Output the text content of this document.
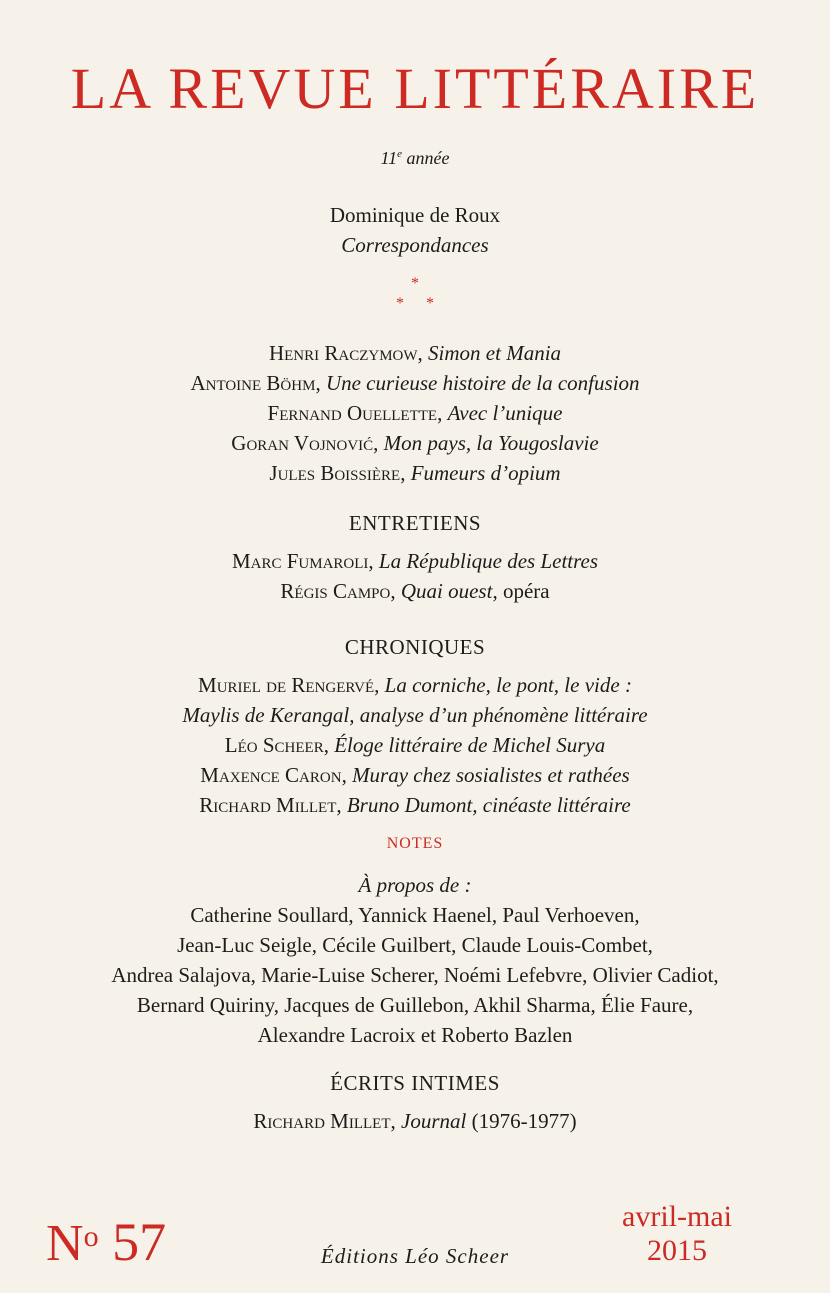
LA REVUE LITTÉRAIRE
11e année
Dominique de Roux
Correspondances
*
* *
Henri Raczymow, Simon et Mania
Antoine Böhm, Une curieuse histoire de la confusion
Fernand Ouellette, Avec l’unique
Goran Vojnović, Mon pays, la Yougoslavie
Jules Boissière, Fumeurs d’opium
ENTRETIENS
Marc Fumaroli, La République des Lettres
Régis Campo, Quai ouest, opéra
CHRONIQUES
Muriel de Rengervé, La corniche, le pont, le vide :
Maylis de Kerangal, analyse d’un phénomène littéraire
Léo Scheer, Éloge littéraire de Michel Surya
Maxence Caron, Muray chez sosialistes et rathées
Richard Millet, Bruno Dumont, cinéaste littéraire
NOTES
À propos de :
Catherine Soullard, Yannick Haenel, Paul Verhoeven,
Jean-Luc Seigle, Cécile Guilbert, Claude Louis-Combet,
Andrea Salajova, Marie-Luise Scherer, Noémi Lefebvre, Olivier Cadiot,
Bernard Quiriny, Jacques de Guillebon, Akhil Sharma, Élie Faure,
Alexandre Lacroix et Roberto Bazlen
ÉCRITS INTIMES
Richard Millet, Journal (1976-1977)
$N^o$ 57	Éditions Léo Scheer
avril-mai
2015
